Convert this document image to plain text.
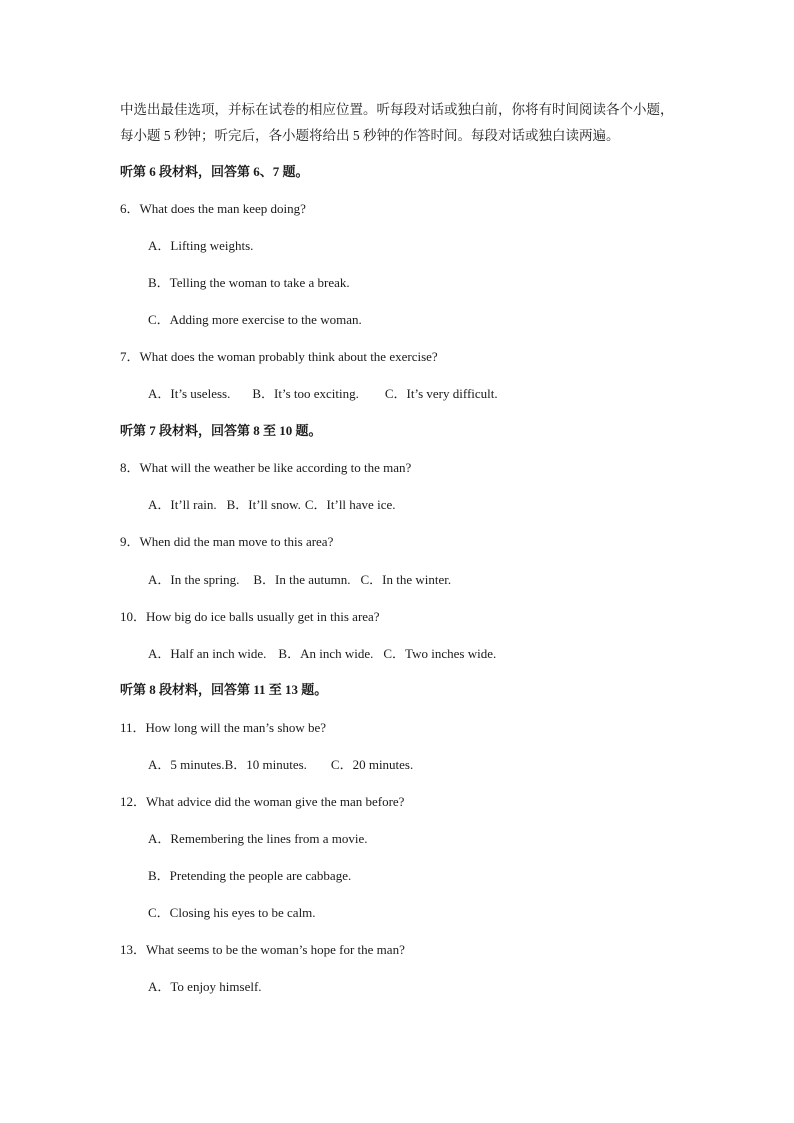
中选出最佳选项，并标在试卷的相应位置。听每段对话或独白前，你将有时间阅读各个小题，
每小题 5 秒钟；听完后，各小题将给出 5 秒钟的作答时间。每段对话或独白读两遍。
听第 6 段材料，回答第 6、7 题。
6．What does the man keep doing?
A．Lifting weights.
B．Telling the woman to take a break.
C．Adding more exercise to the woman.
7．What does the woman probably think about the exercise?
A．It’s useless. B．It’s too exciting. C．It’s very difficult.
听第 7 段材料，回答第 8 至 10 题。
8．What will the weather be like according to the man?
A．It’ll rain. B．It’ll snow. C．It’ll have ice.
9．When did the man move to this area?
A．In the spring. B．In the autumn. C．In the winter.
10．How big do ice balls usually get in this area?
A．Half an inch wide. B．An inch wide. C．Two inches wide.
听第 8 段材料，回答第 11 至 13 题。
11．How long will the man’s show be?
A．5 minutes.B．10 minutes. C．20 minutes.
12．What advice did the woman give the man before?
A．Remembering the lines from a movie.
B．Pretending the people are cabbage.
C．Closing his eyes to be calm.
13．What seems to be the woman’s hope for the man?
A．To enjoy himself.
